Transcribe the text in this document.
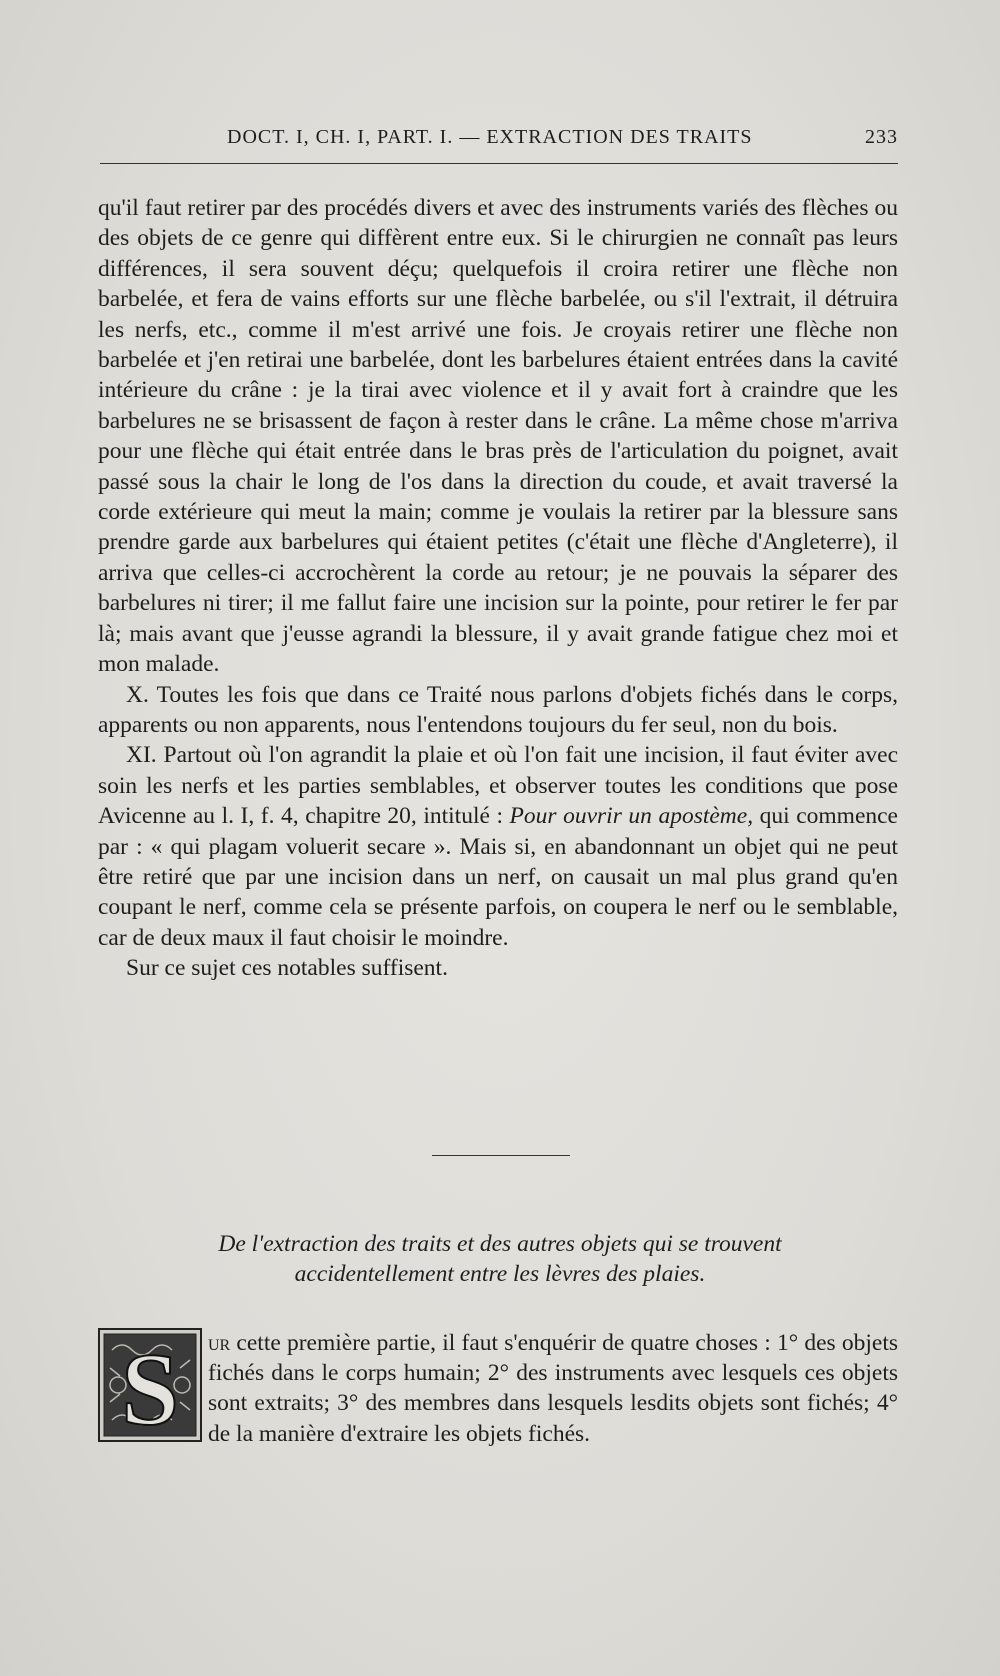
DOCT. I, CH. I, PART. I. — EXTRACTION DES TRAITS	233

qu'il faut retirer par des procédés divers et avec des instruments variés des flèches ou des objets de ce genre qui diffèrent entre eux. Si le chirurgien ne connaît pas leurs différences, il sera souvent déçu; quelquefois il croira retirer une flèche non barbelée, et fera de vains efforts sur une flèche barbelée, ou s'il l'extrait, il détruira les nerfs, etc., comme il m'est arrivé une fois. Je croyais retirer une flèche non barbelée et j'en retirai une barbelée, dont les barbelures étaient entrées dans la cavité intérieure du crâne : je la tirai avec violence et il y avait fort à craindre que les barbelures ne se brisassent de façon à rester dans le crâne. La même chose m'arriva pour une flèche qui était entrée dans le bras près de l'articulation du poignet, avait passé sous la chair le long de l'os dans la direction du coude, et avait traversé la corde extérieure qui meut la main; comme je voulais la retirer par la blessure sans prendre garde aux barbelures qui étaient petites (c'était une flèche d'Angleterre), il arriva que celles-ci accrochèrent la corde au retour; je ne pouvais la séparer des barbelures ni tirer; il me fallut faire une incision sur la pointe, pour retirer le fer par là; mais avant que j'eusse agrandi la blessure, il y avait grande fatigue chez moi et mon malade.

X. Toutes les fois que dans ce Traité nous parlons d'objets fichés dans le corps, apparents ou non apparents, nous l'entendons toujours du fer seul, non du bois.

XI. Partout où l'on agrandit la plaie et où l'on fait une incision, il faut éviter avec soin les nerfs et les parties semblables, et observer toutes les conditions que pose Avicenne au l. I, f. 4, chapitre 20, intitulé : Pour ouvrir un apostème, qui commence par : « qui plagam voluerit secare ». Mais si, en abandonnant un objet qui ne peut être retiré que par une incision dans un nerf, on causait un mal plus grand qu'en coupant le nerf, comme cela se présente parfois, on coupera le nerf ou le semblable, car de deux maux il faut choisir le moindre.

Sur ce sujet ces notables suffisent.

De l'extraction des traits et des autres objets qui se trouvent
accidentellement entre les lèvres des plaies.
S ur cette première partie, il faut s'enquérir de quatre choses : 1° des objets fichés dans le corps humain; 2° des instruments avec lesquels ces objets sont extraits; 3° des membres dans lesquels lesdits objets sont fichés; 4° de la manière d'extraire les objets fichés.
